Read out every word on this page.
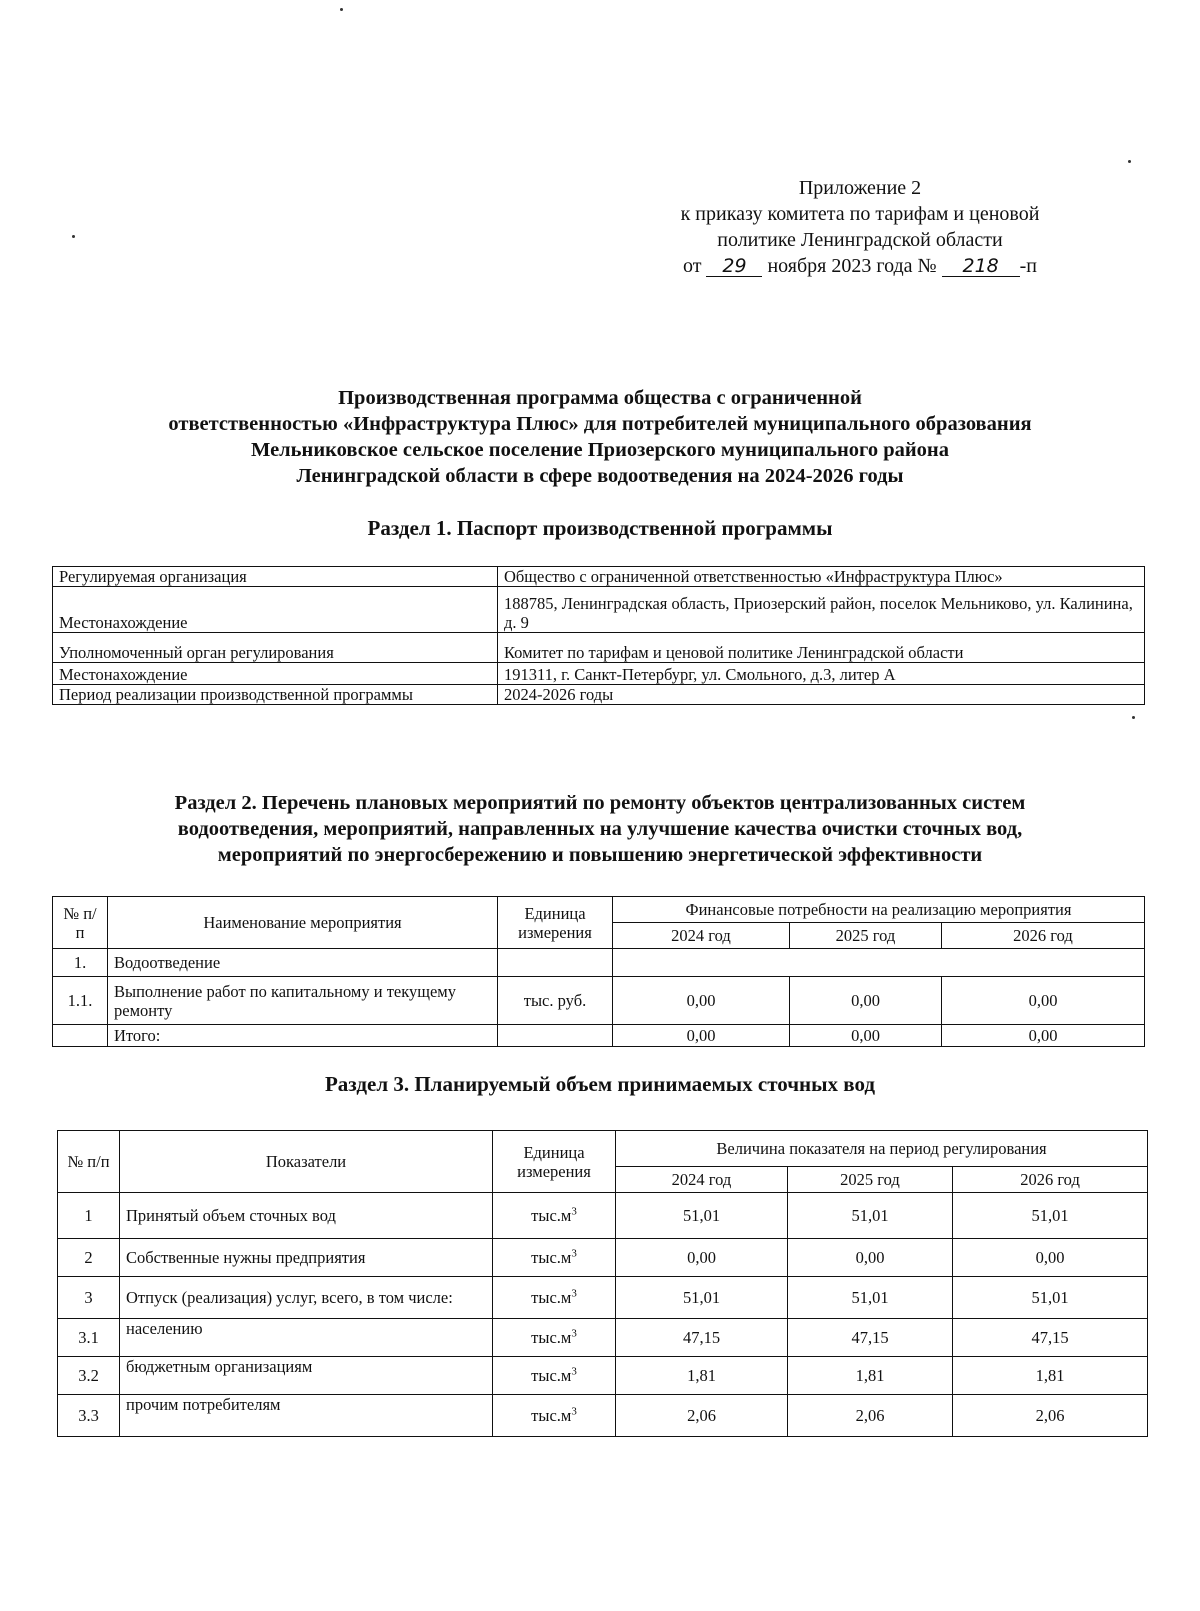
Приложение 2
к приказу комитета по тарифам и ценовой
политике Ленинградской области
от 29 ноября 2023 года № 218 -п
Производственная программа общества с ограниченной
ответственностью «Инфраструктура Плюс» для потребителей муниципального образования
Мельниковское сельское поселение Приозерского муниципального района
Ленинградской области в сфере водоотведения на 2024-2026 годы
Раздел 1. Паспорт производственной программы
Регулируемая организация	Общество с ограниченной ответственностью «Инфраструктура Плюс»
Местонахождение	188785, Ленинградская область, Приозерский район, поселок Мельниково, ул. Калинина, д. 9
Уполномоченный орган регулирования	Комитет по тарифам и ценовой политике Ленинградской области
Местонахождение	191311, г. Санкт-Петербург, ул. Смольного, д.3, литер А
Период реализации производственной программы	2024-2026 годы
Раздел 2. Перечень плановых мероприятий по ремонту объектов централизованных систем
водоотведения, мероприятий, направленных на улучшение качества очистки сточных вод,
мероприятий по энергосбережению и повышению энергетической эффективности
№ п/п	Наименование мероприятия	Единица измерения	Финансовые потребности на реализацию мероприятия		
			2024 год	2025 год	2026 год
1.	Водоотведение				
1.1.	Выполнение работ по капитальному и текущему ремонту	тыс. руб.	0,00	0,00	0,00
	Итого:		0,00	0,00	0,00
Раздел 3. Планируемый объем принимаемых сточных вод
№ п/п	Показатели	Единица измерения	Величина показателя на период регулирования		
			2024 год	2025 год	2026 год
1	Принятый объем сточных вод	$тыс.м^3$	51,01	51,01	51,01
2	Собственные нужны предприятия	$тыс.м^3$	0,00	0,00	0,00
3	Отпуск (реализация) услуг, всего, в том числе:	$тыс.м^3$	51,01	51,01	51,01
3.1	населению	$тыс.м^3$	47,15	47,15	47,15
3.2	бюджетным организациям	$тыс.м^3$	1,81	1,81	1,81
3.3	прочим потребителям	$тыс.м^3$	2,06	2,06	2,06
